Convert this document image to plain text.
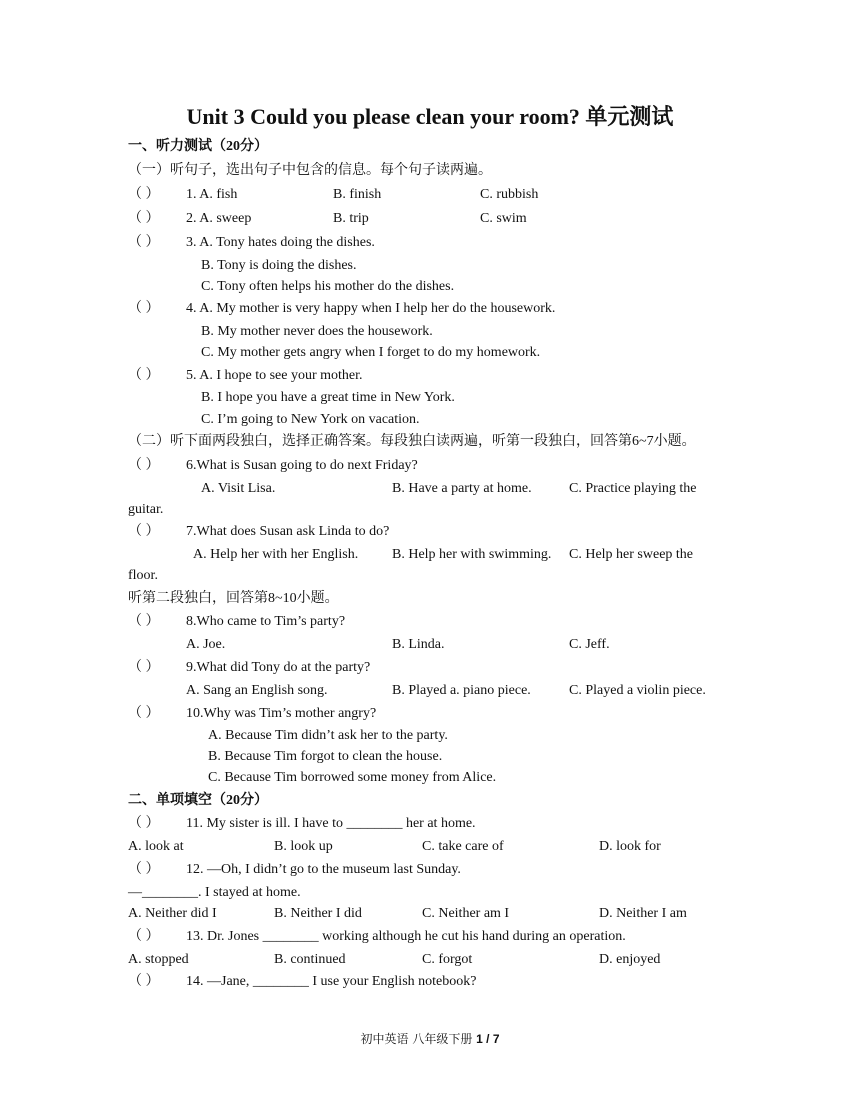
Unit 3 Could you please clean your room? 单元测试
一、听力测试（20分）
（一）听句子，选出句子中包含的信息。每个句子读两遍。
（ ） 1. A. fish	B. finish	C. rubbish
（ ） 2. A. sweep	B. trip	C. swim
（ ） 3. A. Tony hates doing the dishes.
B. Tony is doing the dishes.
C. Tony often helps his mother do the dishes.
（ ） 4. A. My mother is very happy when I help her do the housework.
B. My mother never does the housework.
C. My mother gets angry when I forget to do my homework.
（ ） 5. A. I hope to see your mother.
B. I hope you have a great time in New York.
C. I’m going to New York on vacation.
（二）听下面两段独白，选择正确答案。每段独白读两遍，听第一段独白，回答第6~7小题。
（ ） 6.What is Susan going to do next Friday?
A. Visit Lisa.	B. Have a party at home.	C. Practice playing the
guitar.
（ ） 7.What does Susan ask Linda to do?
A. Help her with her English. B. Help her with swimming. C. Help her sweep the
floor.
听第二段独白，回答第8~10小题。
（ ） 8.Who came to Tim’s party?
A. Joe.	B. Linda.	C. Jeff.
（ ） 9.What did Tony do at the party?
A. Sang an English song.	B. Played a. piano piece.	C. Played a violin piece.
（ ） 10.Why was Tim’s mother angry?
A. Because Tim didn’t ask her to the party.
B. Because Tim forgot to clean the house.
C. Because Tim borrowed some money from Alice.
二、单项填空（20分）
（ ） 11. My sister is ill. I have to ________ her at home.
A. look at	B. look up	C. take care of	D. look for
（ ） 12. —Oh, I didn’t go to the museum last Sunday.
—________. I stayed at home.
A. Neither did I	B. Neither I did	C. Neither am I	D. Neither I am
（ ） 13. Dr. Jones ________ working although he cut his hand during an operation.
A. stopped	B. continued	C. forgot	D. enjoyed
（ ） 14. —Jane, ________ I use your English notebook?
初中英语 八年级下册 1 / 7
